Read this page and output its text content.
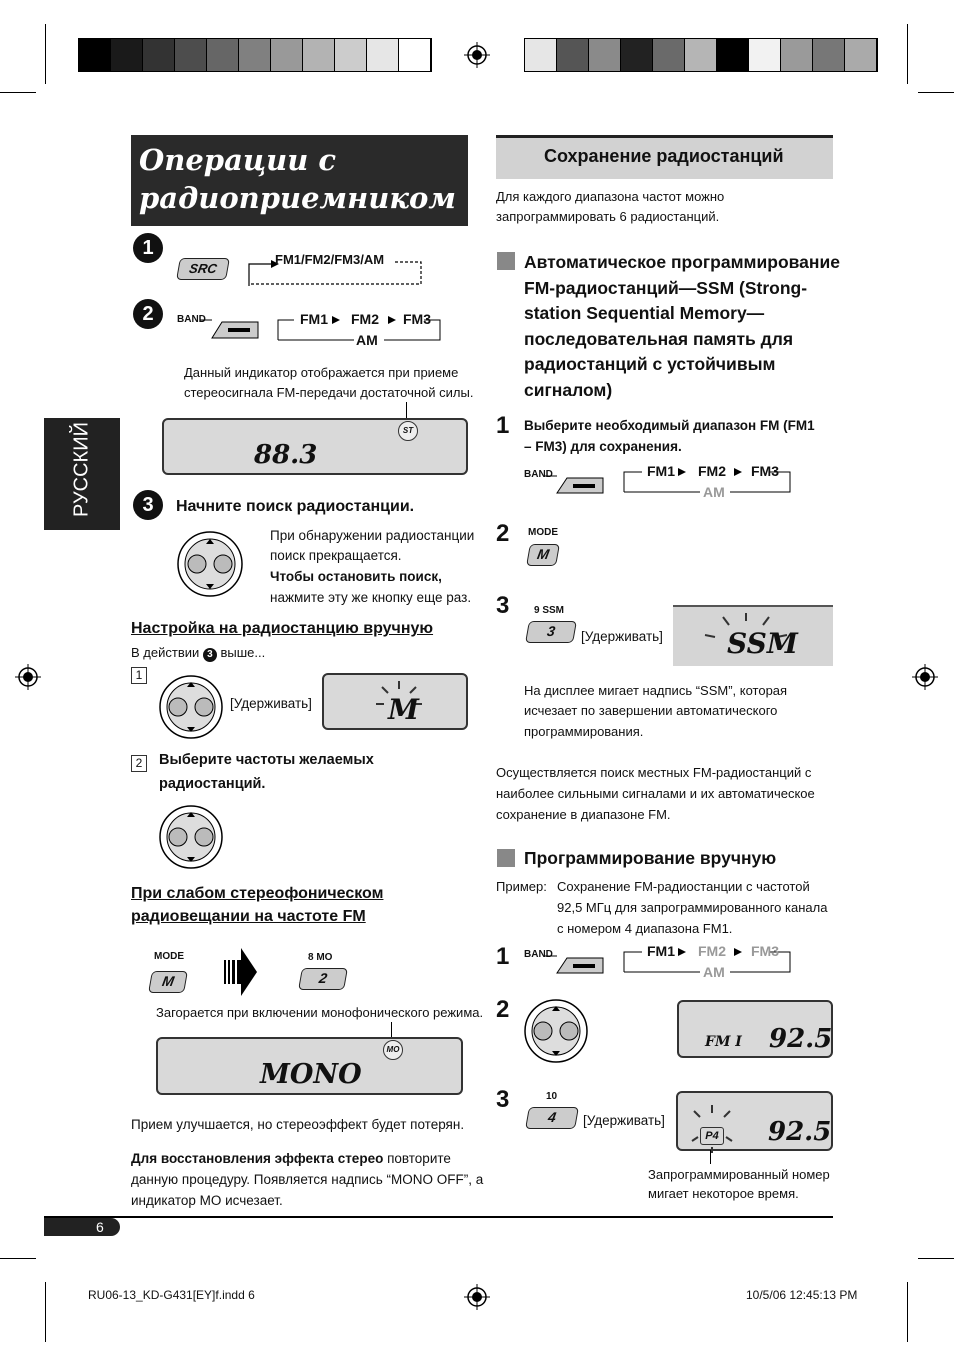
РУССКИЙ
Операции с
радиоприемником
1
SRC
FM1/FM2/FM3/AM
2	BAND	FM1 FM2 FM3
AM
Данный индикатор отображается при приеме
стереосигнала FM-передачи достаточной силы.
88.3
ST
3	Начните поиск радиостанции.
При обнаружении радиостанции
поиск прекращается.
Чтобы остановить поиск,
нажмите эту же кнопку еще раз.
Настройка на радиостанцию вручную
В действии 3 выше...
1
[Удерживать]	M
2	Выберите частоты желаемых
радиостанций.
При слабом стереофоническом
радиовещании на частоте FM
MODE
M
8 MO
2
Загорается при включении монофонического режима.
MO
MONO
Прием улучшается, но стереоэффект будет потерян.
Для восстановления эффекта стерео повторите
данную процедуру. Появляется надпись “MONO OFF”, а
индикатор MO исчезает.
Сохранение радиостанций
Для каждого диапазона частот можно
запрограммировать 6 радиостанций.
Автоматическое программирование
FM-радиостанций—SSM (Strong-
station Sequential Memory—
последовательная память для
радиостанций с устойчивым
сигналом)
1 Выберите необходимый диапазон FM (FM1
– FM3) для сохранения.
BAND	FM1 FM2 FM3
AM
2 MODE
M
3 9 SSM
3	[Удерживать] SSM
На дисплее мигает надпись “SSM”, которая
исчезает по завершении автоматического
программирования.
Осуществляется поиск местных FM-радиостанций с
наиболее сильными сигналами и их автоматическое
сохранение в диапазоне FM.
Программирование вручную
Пример: Сохранение FM-радиостанции с частотой
92,5 МГц для запрограммированного канала
с номером 4 диапазона FM1.
1 BAND	FM1 FM2 FM3
AM
2
FM I 92.5
3	10
4	[Удерживать]
P4 92.5
Запрограммированный номер
мигает некоторое время.
6
RU06-13_KD-G431[EY]f.indd 6	10/5/06 12:45:13 PM
